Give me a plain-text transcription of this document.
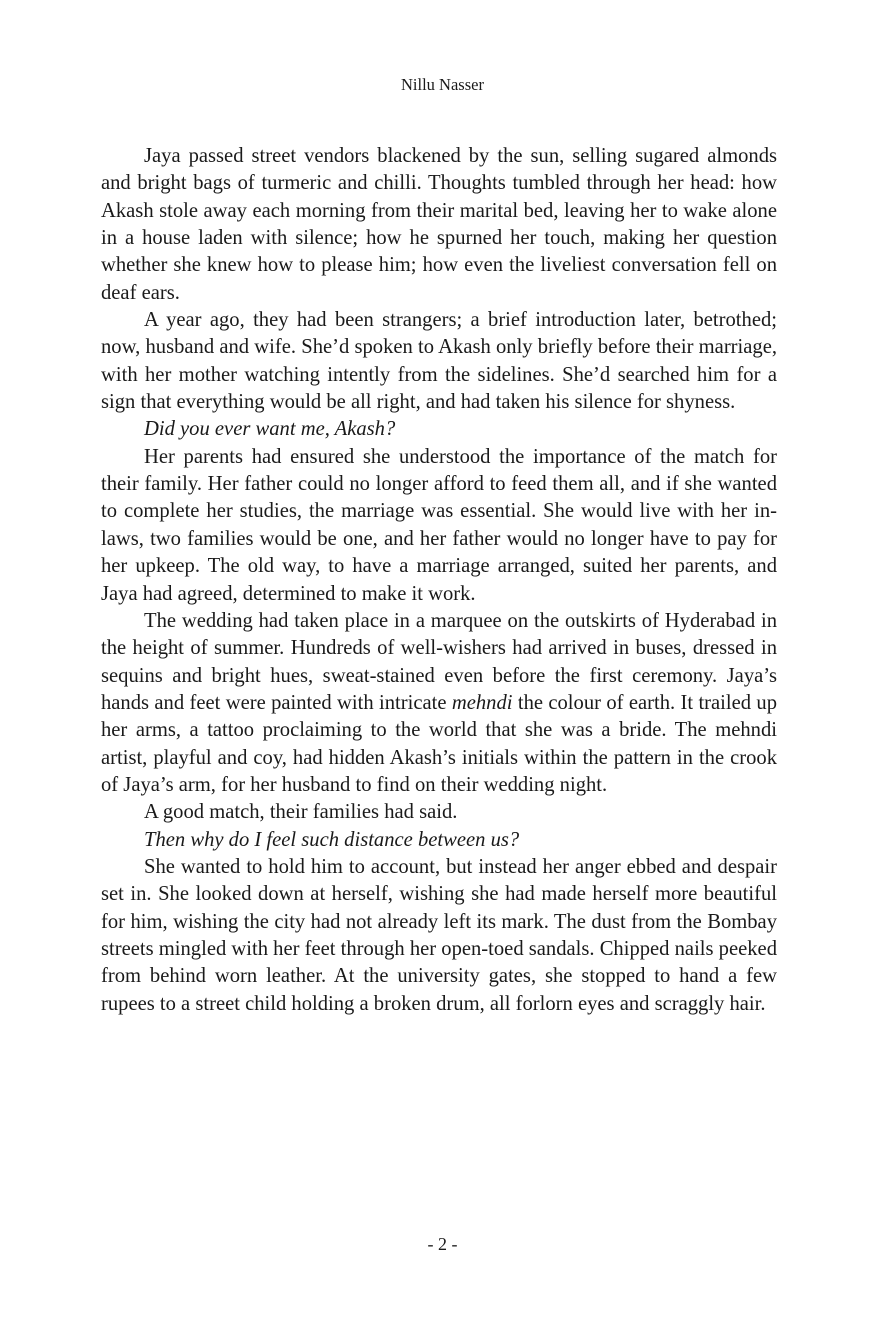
Nillu Nasser

Jaya passed street vendors blackened by the sun, selling sugared almonds and bright bags of turmeric and chilli. Thoughts tumbled through her head: how Akash stole away each morning from their marital bed, leaving her to wake alone in a house laden with silence; how he spurned her touch, making her question whether she knew how to please him; how even the liveliest conversation fell on deaf ears.

A year ago, they had been strangers; a brief introduction later, betrothed; now, husband and wife. She’d spoken to Akash only briefly before their marriage, with her mother watching intently from the sidelines. She’d searched him for a sign that everything would be all right, and had taken his silence for shyness.

Did you ever want me, Akash?

Her parents had ensured she understood the importance of the match for their family. Her father could no longer afford to feed them all, and if she wanted to complete her studies, the marriage was essential. She would live with her in-laws, two families would be one, and her father would no longer have to pay for her upkeep. The old way, to have a marriage arranged, suited her parents, and Jaya had agreed, determined to make it work.

The wedding had taken place in a marquee on the outskirts of Hyderabad in the height of summer. Hundreds of well-wishers had arrived in buses, dressed in sequins and bright hues, sweat-stained even before the first ceremony. Jaya’s hands and feet were painted with intricate mehndi the colour of earth. It trailed up her arms, a tattoo proclaiming to the world that she was a bride. The mehndi artist, playful and coy, had hidden Akash’s initials within the pattern in the crook of Jaya’s arm, for her husband to find on their wedding night.

A good match, their families had said.

Then why do I feel such distance between us?

She wanted to hold him to account, but instead her anger ebbed and despair set in. She looked down at herself, wishing she had made herself more beautiful for him, wishing the city had not already left its mark. The dust from the Bombay streets mingled with her feet through her open-toed sandals. Chipped nails peeked from behind worn leather. At the university gates, she stopped to hand a few rupees to a street child holding a broken drum, all forlorn eyes and scraggly hair.

- 2 -
